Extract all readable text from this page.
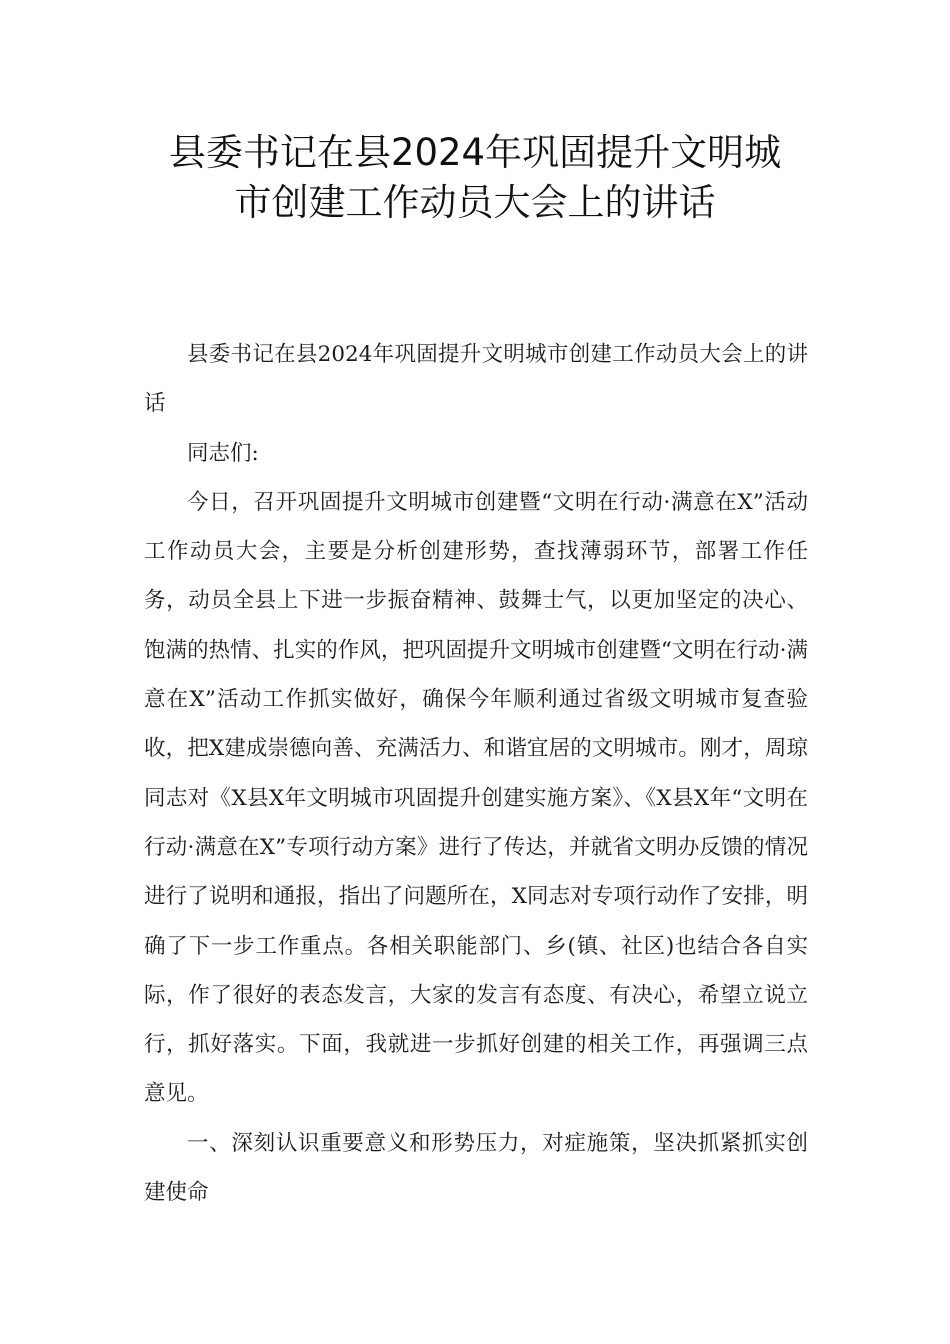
县委书记在县2024年巩固提升文明城
市创建工作动员大会上的讲话

县委书记在县2024年巩固提升文明城市创建工作动员大会上的讲话

同志们:

今日，召开巩固提升文明城市创建暨“文明在行动·满意在X”活动工作动员大会，主要是分析创建形势，查找薄弱环节，部署工作任务，动员全县上下进一步振奋精神、鼓舞士气，以更加坚定的决心、饱满的热情、扎实的作风，把巩固提升文明城市创建暨“文明在行动·满意在X”活动工作抓实做好，确保今年顺利通过省级文明城市复查验收，把X建成崇德向善、充满活力、和谐宜居的文明城市。刚才，周琼同志对《X县X年文明城市巩固提升创建实施方案》、《X县X年“文明在行动·满意在X”专项行动方案》进行了传达，并就省文明办反馈的情况进行了说明和通报，指出了问题所在，X同志对专项行动作了安排，明确了下一步工作重点。各相关职能部门、乡(镇、社区)也结合各自实际，作了很好的表态发言，大家的发言有态度、有决心，希望立说立行，抓好落实。下面，我就进一步抓好创建的相关工作，再强调三点意见。

一、深刻认识重要意义和形势压力，对症施策，坚决抓紧抓实创建使命
